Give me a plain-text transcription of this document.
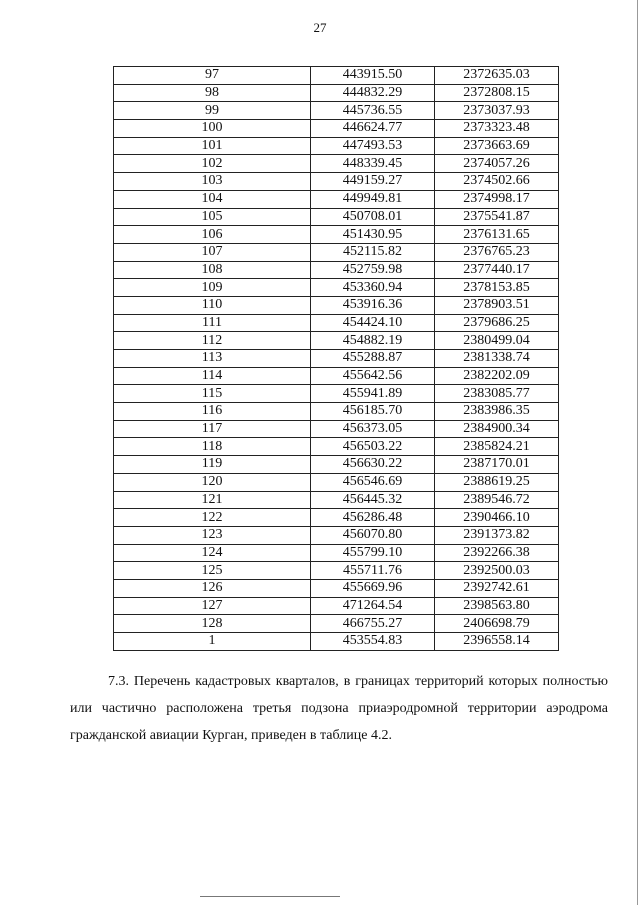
27
97	443915.50	2372635.03
98	444832.29	2372808.15
99	445736.55	2373037.93
100	446624.77	2373323.48
101	447493.53	2373663.69
102	448339.45	2374057.26
103	449159.27	2374502.66
104	449949.81	2374998.17
105	450708.01	2375541.87
106	451430.95	2376131.65
107	452115.82	2376765.23
108	452759.98	2377440.17
109	453360.94	2378153.85
110	453916.36	2378903.51
111	454424.10	2379686.25
112	454882.19	2380499.04
113	455288.87	2381338.74
114	455642.56	2382202.09
115	455941.89	2383085.77
116	456185.70	2383986.35
117	456373.05	2384900.34
118	456503.22	2385824.21
119	456630.22	2387170.01
120	456546.69	2388619.25
121	456445.32	2389546.72
122	456286.48	2390466.10
123	456070.80	2391373.82
124	455799.10	2392266.38
125	455711.76	2392500.03
126	455669.96	2392742.61
127	471264.54	2398563.80
128	466755.27	2406698.79
1	453554.83	2396558.14

7.3. Перечень кадастровых кварталов, в границах территорий которых полностью или частично расположена третья подзона приаэродромной территории аэродрома гражданской авиации Курган, приведен в таблице 4.2.
